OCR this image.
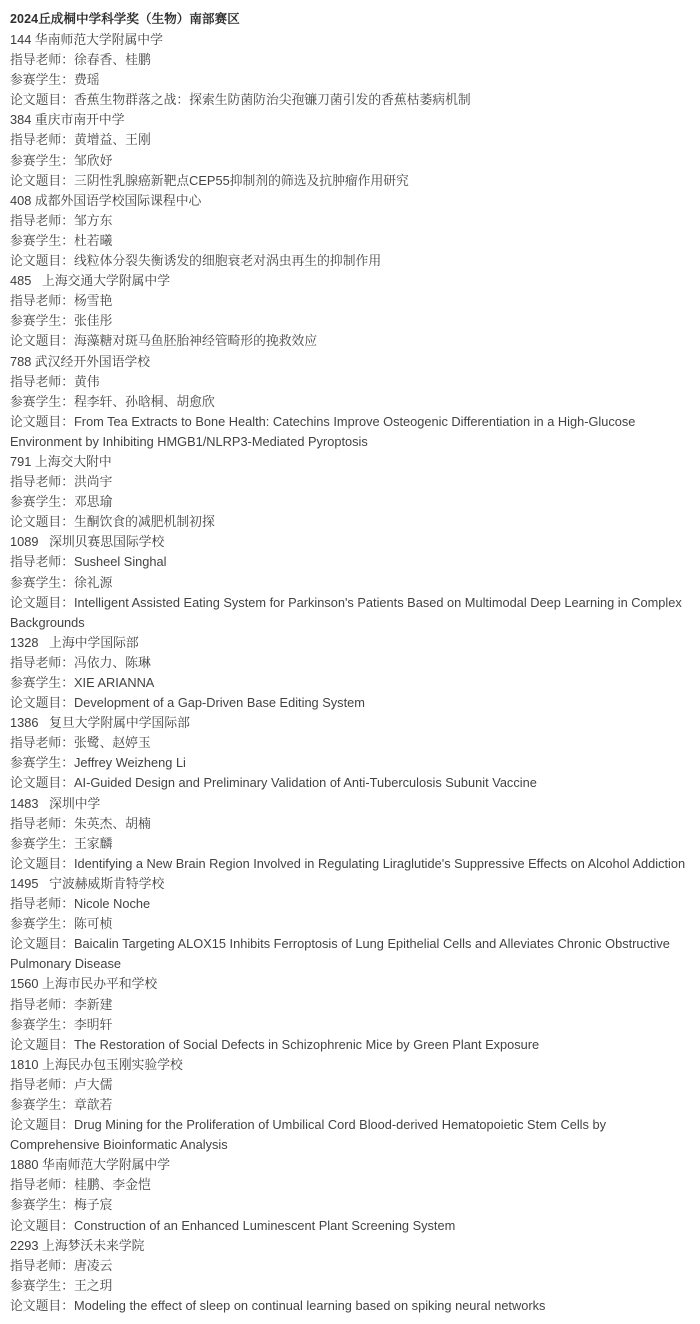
2024丘成桐中学科学奖（生物）南部赛区
144 华南师范大学附属中学
指导老师：徐春香、桂鹏
参赛学生：费瑶
论文题目：香蕉生物群落之战：探索生防菌防治尖孢镰刀菌引发的香蕉枯萎病机制
384 重庆市南开中学
指导老师：黄增益、王刚
参赛学生：邹欣妤
论文题目：三阴性乳腺癌新靶点CEP55抑制剂的筛选及抗肿瘤作用研究
408 成都外国语学校国际课程中心
指导老师：邹方东
参赛学生：杜若曦
论文题目：线粒体分裂失衡诱发的细胞衰老对涡虫再生的抑制作用
485 上海交通大学附属中学
指导老师：杨雪艳
参赛学生：张佳彤
论文题目：海藻糖对斑马鱼胚胎神经管畸形的挽救效应
788 武汉经开外国语学校
指导老师：黄伟
参赛学生：程李轩、孙晗桐、胡愈欣
论文题目：From Tea Extracts to Bone Health: Catechins Improve Osteogenic Differentiation in a High-Glucose Environment by Inhibiting HMGB1/NLRP3-Mediated Pyroptosis
791 上海交大附中
指导老师：洪尚宇
参赛学生：邓思瑜
论文题目：生酮饮食的减肥机制初探
1089 深圳贝赛思国际学校
指导老师：Susheel Singhal
参赛学生：徐礼源
论文题目：Intelligent Assisted Eating System for Parkinson's Patients Based on Multimodal Deep Learning in Complex Backgrounds
1328 上海中学国际部
指导老师：冯依力、陈琳
参赛学生：XIE ARIANNA
论文题目：Development of a Gap-Driven Base Editing System
1386 复旦大学附属中学国际部
指导老师：张鹭、赵婷玉
参赛学生：Jeffrey Weizheng Li
论文题目：AI-Guided Design and Preliminary Validation of Anti-Tuberculosis Subunit Vaccine
1483 深圳中学
指导老师：朱英杰、胡楠
参赛学生：王家麟
论文题目：Identifying a New Brain Region Involved in Regulating Liraglutide's Suppressive Effects on Alcohol Addiction
1495 宁波赫威斯肯特学校
指导老师：Nicole Noche
参赛学生：陈可桢
论文题目：Baicalin Targeting ALOX15 Inhibits Ferroptosis of Lung Epithelial Cells and Alleviates Chronic Obstructive Pulmonary Disease
1560 上海市民办平和学校
指导老师：李新建
参赛学生：李明轩
论文题目：The Restoration of Social Defects in Schizophrenic Mice by Green Plant Exposure
1810 上海民办包玉刚实验学校
指导老师：卢大儒
参赛学生：章歆若
论文题目：Drug Mining for the Proliferation of Umbilical Cord Blood-derived Hematopoietic Stem Cells by Comprehensive Bioinformatic Analysis
1880 华南师范大学附属中学
指导老师：桂鹏、李金恺
参赛学生：梅子宸
论文题目：Construction of an Enhanced Luminescent Plant Screening System
2293 上海梦沃未来学院
指导老师：唐凌云
参赛学生：王之玥
论文题目：Modeling the effect of sleep on continual learning based on spiking neural networks
